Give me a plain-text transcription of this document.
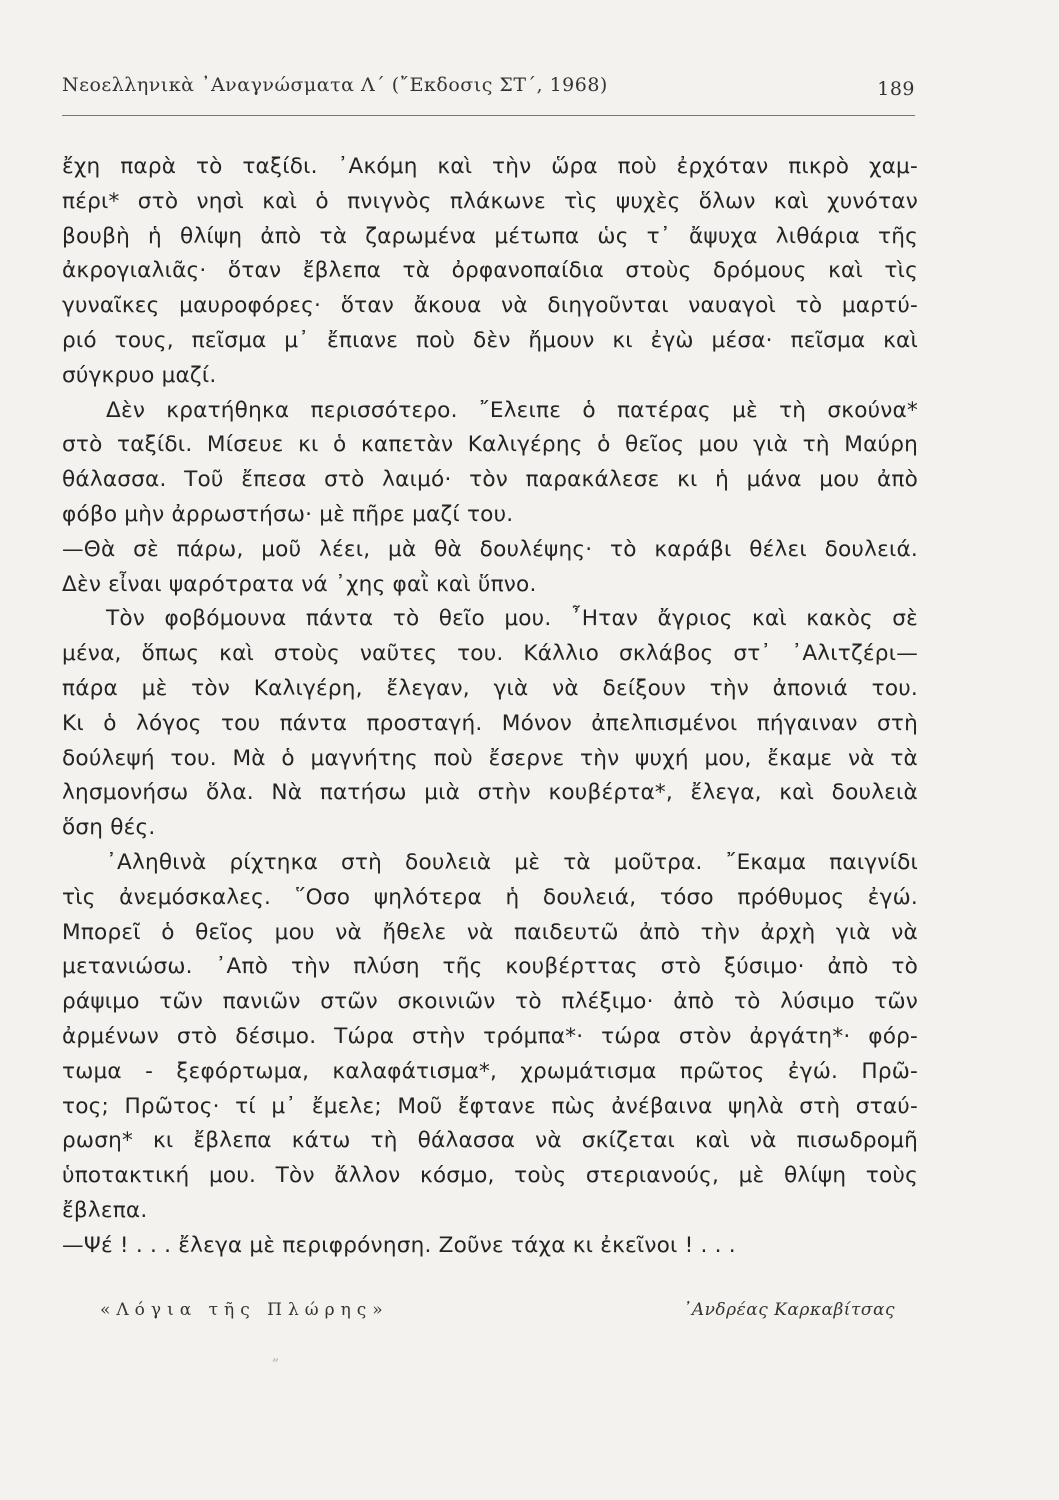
Νεοελληνικὰ ᾿Αναγνώσματα Λ΄ (῎Εκδοσις ΣΤ΄, 1968)	189

ἔχη παρὰ τὸ ταξίδι. ᾿Ακόμη καὶ τὴν ὥρα ποὺ ἐρχόταν πικρὸ χαμ-

πέρι* στὸ νησὶ καὶ ὁ πνιγνὸς πλάκωνε τὶς ψυχὲς ὅλων καὶ χυνόταν

βουβὴ ἡ θλίψη ἀπὸ τὰ ζαρωμένα μέτωπα ὡς τ᾿ ἄψυχα λιθάρια τῆς

ἀκρογιαλιᾶς· ὅταν ἔβλεπα τὰ ὀρφανοπαίδια στοὺς δρόμους καὶ τὶς

γυναῖκες μαυροφόρες· ὅταν ἄκουα νὰ διηγοῦνται ναυαγοὶ τὸ μαρτύ-

ριό τους, πεῖσμα μ᾿ ἔπιανε ποὺ δὲν ἤμουν κι ἐγὼ μέσα· πεῖσμα καὶ

σύγκρυο μαζί.

Δὲν κρατήθηκα περισσότερο. ῎Ελειπε ὁ πατέρας μὲ τὴ σκούνα*

στὸ ταξίδι. Μίσευε κι ὁ καπετὰν Καλιγέρης ὁ θεῖος μου γιὰ τὴ Μαύρη

θάλασσα. Τοῦ ἔπεσα στὸ λαιμό· τὸν παρακάλεσε κι ἡ μάνα μου ἀπὸ

φόβο μὴν ἀρρωστήσω· μὲ πῆρε μαζί του.

—Θὰ σὲ πάρω, μοῦ λέει, μὰ θὰ δουλέψης· τὸ καράβι θέλει δουλειά.

Δὲν εἶναι ψαρότρατα νά ᾿χης φαῒ καὶ ὕπνο.

Τὸν φοβόμουνα πάντα τὸ θεῖο μου. ῏Ηταν ἄγριος καὶ κακὸς σὲ

μένα, ὅπως καὶ στοὺς ναῦτες του. Κάλλιο σκλάβος στ᾿ ᾿Αλιτζέρι—

πάρα μὲ τὸν Καλιγέρη, ἔλεγαν, γιὰ νὰ δείξουν τὴν ἀπονιά του.

Κι ὁ λόγος του πάντα προσταγή. Μόνον ἀπελπισμένοι πήγαιναν στὴ

δούλεψή του. Μὰ ὁ μαγνήτης ποὺ ἔσερνε τὴν ψυχή μου, ἔκαμε νὰ τὰ

λησμονήσω ὅλα. Νὰ πατήσω μιὰ στὴν κουβέρτα*, ἔλεγα, καὶ δουλειὰ

ὅση θές.

᾿Αληθινὰ ρίχτηκα στὴ δουλειὰ μὲ τὰ μοῦτρα. ῎Εκαμα παιγνίδι

τὶς ἀνεμόσκαλες. ῞Οσο ψηλότερα ἡ δουλειά, τόσο πρόθυμος ἐγώ.

Μπορεῖ ὁ θεῖος μου νὰ ἤθελε νὰ παιδευτῶ ἀπὸ τὴν ἀρχὴ γιὰ νὰ

μετανιώσω. ᾿Απὸ τὴν πλύση τῆς κουβέρττας στὸ ξύσιμο· ἀπὸ τὸ

ράψιμο τῶν πανιῶν στῶν σκοινιῶν τὸ πλέξιμο· ἀπὸ τὸ λύσιμο τῶν

ἀρμένων στὸ δέσιμο. Τώρα στὴν τρόμπα*· τώρα στὸν ἀργάτη*· φόρ-

τωμα - ξεφόρτωμα, καλαφάτισμα*, χρωμάτισμα πρῶτος ἐγώ. Πρῶ-

τος; Πρῶτος· τί μ᾿ ἔμελε; Μοῦ ἔφτανε πὼς ἀνέβαινα ψηλὰ στὴ σταύ-

ρωση* κι ἔβλεπα κάτω τὴ θάλασσα νὰ σκίζεται καὶ νὰ πισωδρομῆ

ὑποτακτική μου. Τὸν ἄλλον κόσμο, τοὺς στεριανούς, μὲ θλίψη τοὺς

ἔβλεπα.

—Ψέ ! . . . ἔλεγα μὲ περιφρόνηση. Ζοῦνε τάχα κι ἐκεῖνοι ! . . .

«Λόγια τῆς Πλώρης»	᾿Ανδρέας Καρκαβίτσας
„
